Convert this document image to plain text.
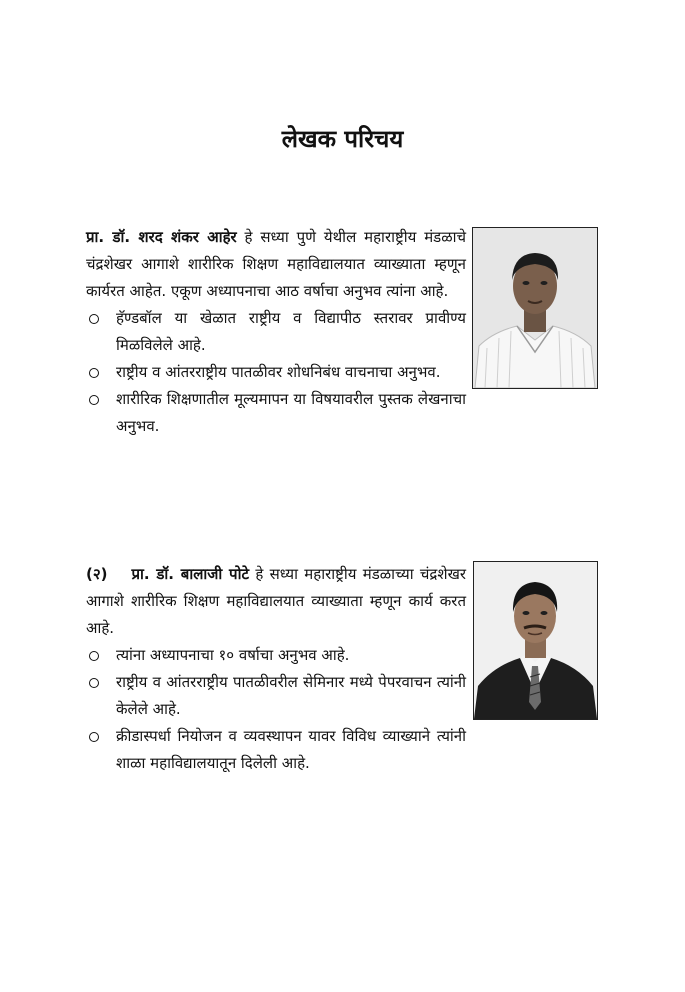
लेखक परिचय

प्रा. डॉ. शरद शंकर आहेर हे सध्या पुणे येथील महाराष्ट्रीय मंडळाचे चंद्रशेखर आगाशे शारीरिक शिक्षण महाविद्यालयात व्याख्याता म्हणून कार्यरत आहेत. एकूण अध्यापनाचा आठ वर्षाचा अनुभव त्यांना आहे.

हॅण्डबॉल या खेळात राष्ट्रीय व विद्यापीठ स्तरावर प्रावीण्य मिळविलेले आहे.
राष्ट्रीय व आंतरराष्ट्रीय पातळीवर शोधनिबंध वाचनाचा अनुभव.
शारीरिक शिक्षणातील मूल्यमापन या विषयावरील पुस्तक लेखनाचा अनुभव.

(२) प्रा. डॉ. बालाजी पोटे हे सध्या महाराष्ट्रीय मंडळाच्या चंद्रशेखर आगाशे शारीरिक शिक्षण महाविद्यालयात व्याख्याता म्हणून कार्य करत आहे.

त्यांना अध्यापनाचा १० वर्षाचा अनुभव आहे.
राष्ट्रीय व आंतरराष्ट्रीय पातळीवरील सेमिनार मध्ये पेपरवाचन त्यांनी केलेले आहे.
क्रीडास्पर्धा नियोजन व व्यवस्थापन यावर विविध व्याख्याने त्यांनी शाळा महाविद्यालयातून दिलेली आहे.
